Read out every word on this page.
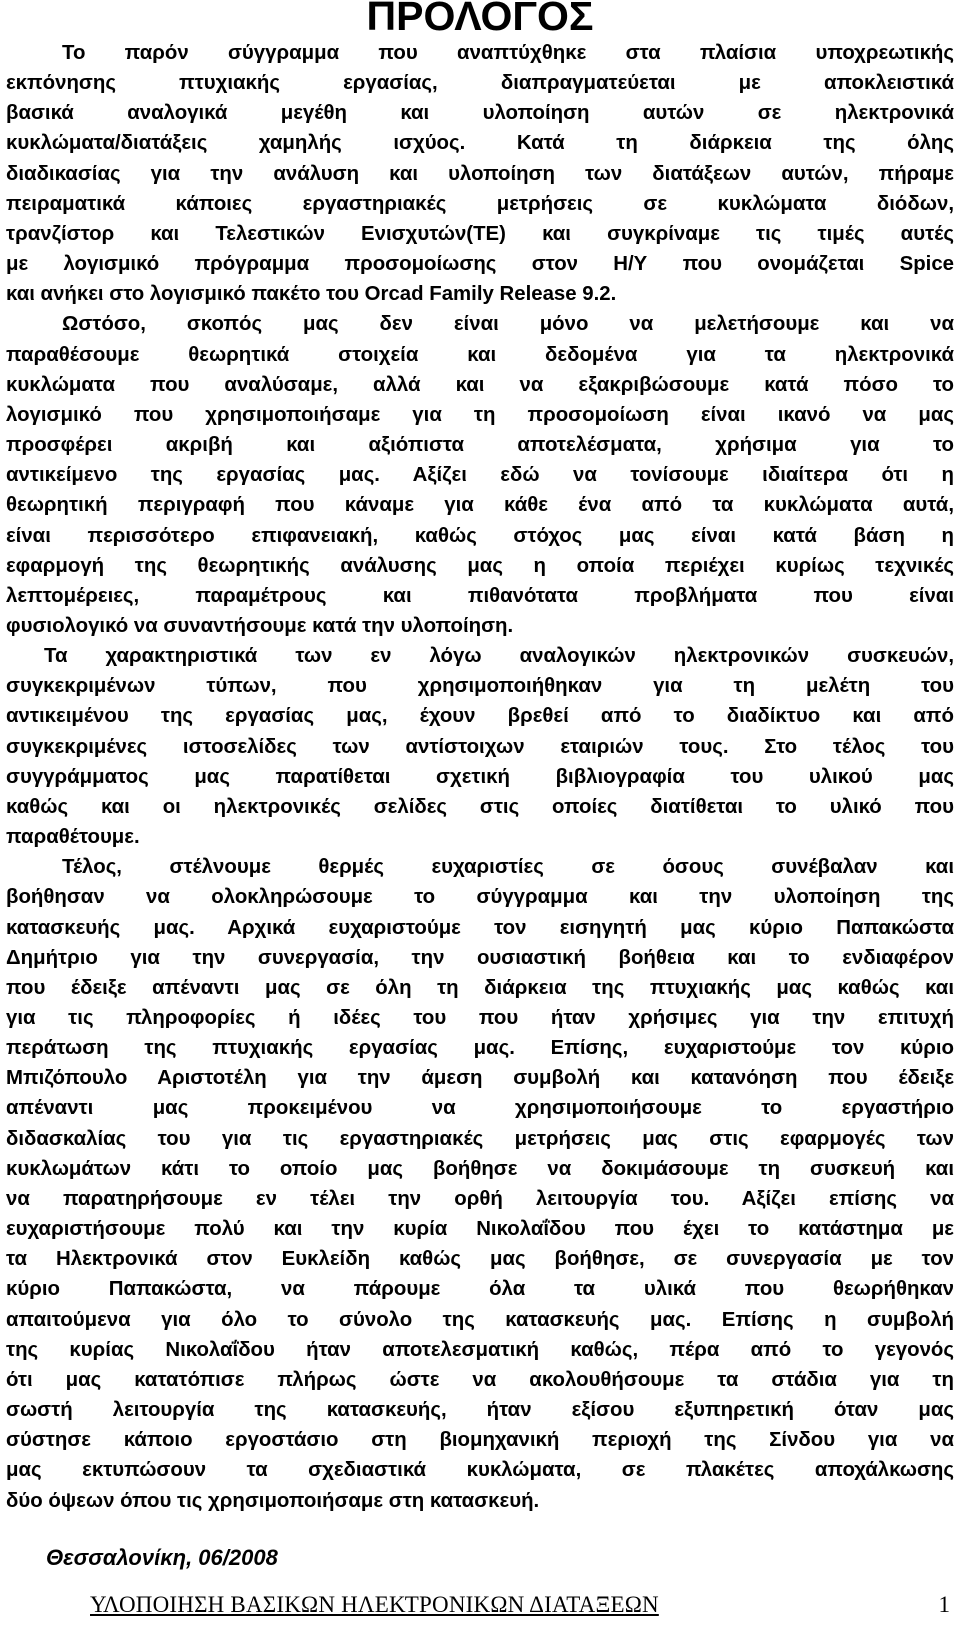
ΠΡΟΛΟΓΟΣ

Το παρόν σύγγραμμα που αναπτύχθηκε στα πλαίσια υποχρεωτικής
εκπόνησης πτυχιακής εργασίας, διαπραγματεύεται με αποκλειστικά
βασικά αναλογικά μεγέθη και υλοποίηση αυτών σε ηλεκτρονικά
κυκλώματα/διατάξεις χαμηλής ισχύος. Κατά τη διάρκεια της όλης
διαδικασίας για την ανάλυση και υλοποίηση των διατάξεων αυτών, πήραμε
πειραματικά κάποιες εργαστηριακές μετρήσεις σε κυκλώματα διόδων,
τρανζίστορ και Τελεστικών Ενισχυτών(ΤΕ) και συγκρίναμε τις τιμές αυτές
με λογισμικό πρόγραμμα προσομοίωσης στον Η/Υ που ονομάζεται Spice
και ανήκει στο λογισμικό πακέτο του Orcad Family Release 9.2.

Ωστόσο, σκοπός μας δεν είναι μόνο να μελετήσουμε και να
παραθέσουμε θεωρητικά στοιχεία και δεδομένα για τα ηλεκτρονικά
κυκλώματα που αναλύσαμε, αλλά και να εξακριβώσουμε κατά πόσο το
λογισμικό που χρησιμοποιήσαμε για τη προσομοίωση είναι ικανό να μας
προσφέρει ακριβή και αξιόπιστα αποτελέσματα, χρήσιμα για το
αντικείμενο της εργασίας μας. Αξίζει εδώ να τονίσουμε ιδιαίτερα ότι η
θεωρητική περιγραφή που κάναμε για κάθε ένα από τα κυκλώματα αυτά,
είναι περισσότερο επιφανειακή, καθώς στόχος μας είναι κατά βάση η
εφαρμογή της θεωρητικής ανάλυσης μας η οποία περιέχει κυρίως τεχνικές
λεπτομέρειες, παραμέτρους και πιθανότατα προβλήματα που είναι
φυσιολογικό να συναντήσουμε κατά την υλοποίηση.

Τα χαρακτηριστικά των εν λόγω αναλογικών ηλεκτρονικών συσκευών,
συγκεκριμένων τύπων, που χρησιμοποιήθηκαν για τη μελέτη του
αντικειμένου της εργασίας μας, έχουν βρεθεί από το διαδίκτυο και από
συγκεκριμένες ιστοσελίδες των αντίστοιχων εταιριών τους. Στο τέλος του
συγγράμματος μας παρατίθεται σχετική βιβλιογραφία του υλικού μας
καθώς και οι ηλεκτρονικές σελίδες στις οποίες διατίθεται το υλικό που
παραθέτουμε.

Τέλος, στέλνουμε θερμές ευχαριστίες σε όσους συνέβαλαν και
βοήθησαν να ολοκληρώσουμε το σύγγραμμα και την υλοποίηση της
κατασκευής μας. Αρχικά ευχαριστούμε τον εισηγητή μας κύριο Παπακώστα
Δημήτριο για την συνεργασία, την ουσιαστική βοήθεια και το ενδιαφέρον
που έδειξε απέναντι μας σε όλη τη διάρκεια της πτυχιακής μας καθώς και
για τις πληροφορίες ή ιδέες του που ήταν χρήσιμες για την επιτυχή
περάτωση της πτυχιακής εργασίας μας. Επίσης, ευχαριστούμε τον κύριο
Μπιζόπουλο Αριστοτέλη για την άμεση συμβολή και κατανόηση που έδειξε
απέναντι μας προκειμένου να χρησιμοποιήσουμε το εργαστήριο
διδασκαλίας του για τις εργαστηριακές μετρήσεις μας στις εφαρμογές των
κυκλωμάτων κάτι το οποίο μας βοήθησε να δοκιμάσουμε τη συσκευή και
να παρατηρήσουμε εν τέλει την ορθή λειτουργία του. Αξίζει επίσης να
ευχαριστήσουμε πολύ και την κυρία Νικολαΐδου που έχει το κατάστημα με
τα Ηλεκτρονικά στον Ευκλείδη καθώς μας βοήθησε, σε συνεργασία με τον
κύριο Παπακώστα, να πάρουμε όλα τα υλικά που θεωρήθηκαν
απαιτούμενα για όλο το σύνολο της κατασκευής μας. Επίσης η συμβολή
της κυρίας Νικολαΐδου ήταν αποτελεσματική καθώς, πέρα από το γεγονός
ότι μας κατατόπισε πλήρως ώστε να ακολουθήσουμε τα στάδια για τη
σωστή λειτουργία της κατασκευής, ήταν εξίσου εξυπηρετική όταν μας
σύστησε κάποιο εργοστάσιο στη βιομηχανική περιοχή της Σίνδου για να
μας εκτυπώσουν τα σχεδιαστικά κυκλώματα, σε πλακέτες αποχάλκωσης
δύο όψεων όπου τις χρησιμοποιήσαμε στη κατασκευή.

Θεσσαλονίκη, 06/2008
ΥΛΟΠΟΙΗΣΗ ΒΑΣΙΚΩΝ ΗΛΕΚΤΡΟΝΙΚΩΝ ΔΙΑΤΑΞΕΩΝ	1
